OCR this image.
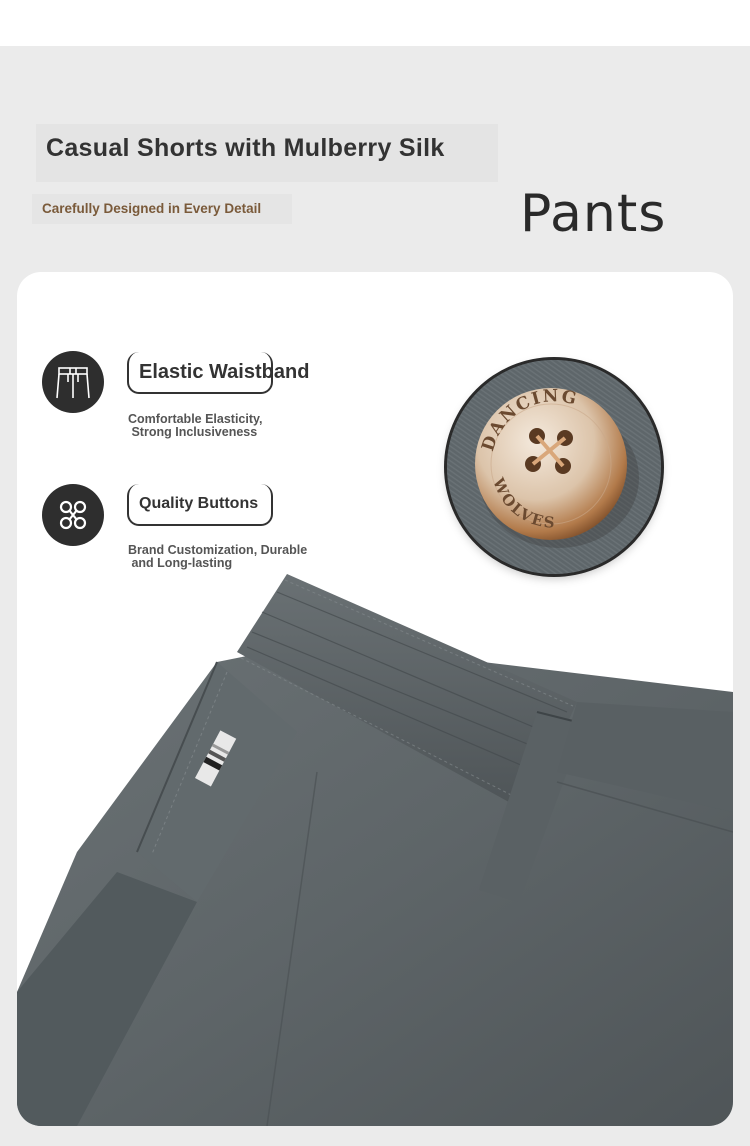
Casual Shorts with Mulberry Silk
Carefully Designed in Every Detail	Pants
Elastic Waistband
Comfortable Elasticity,
Strong Inclusiveness
Quality Buttons
Brand Customization, Durable
and Long-lasting
DANCING
WOLVES
